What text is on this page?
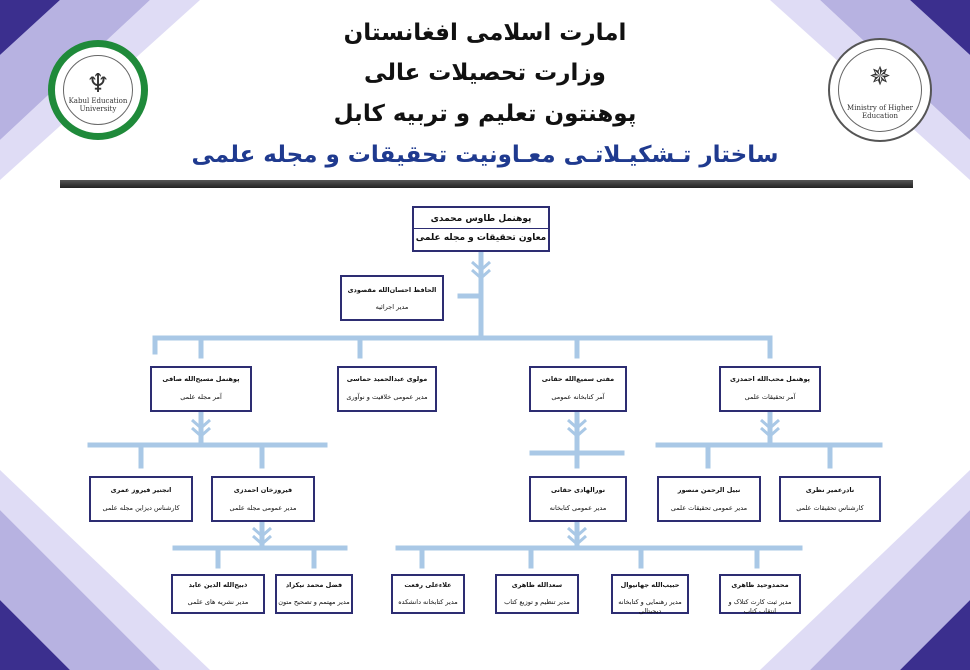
♆
Kabul Education University
✵
Ministry of Higher Education
امارت اسلامی افغانستان
وزارت تحصیلات عالی
پوهنتون تعلیم و تربیه کابل
ساختار تـشکیـلاتـی معـاونیت تحقیقات و مجله علمی
پوهنمل طاوس محمدی
معاون تحقیقات و مجله علمی
الحافظ احسان‌الله مقصودی
مدیر اجرائیه
پوهنمل مسیح‌الله صافی
آمر مجله علمی
مولوی عبدالحمید حماسی
مدیر عمومی خلاقیت و نوآوری
مفتی سمیع‌الله حقانی
آمر کتابخانه عمومی
پوهنمل محب‌الله احمدزی
آمر تحقیقات علمی
انجنیر فیروز عمری
کارشناس دیزاین مجله علمی
فیروزخان احمدزی
مدیر عمومی مجله علمی
نورالهادی حقانی
مدیر عمومی کتابخانه
نبیل الرحمن منصور
مدیر عمومی تحقیقات علمی
نادرعمیر نظری
کارشناس تحقیقات علمی
ذبیح‌الله الدین عابد
مدیر نشریه های علمی
فضل محمد نیکزاد
مدیر مهتمم و تصحیح متون
علاءعلی رفعت
مدیر کتابخانه دانشکده
سعدالله ظاهری
مدیر تنظیم و توزیع کتاب
حبیب‌الله جهانیوال
مدیر رهنمایی و کتابخانه دیجیتالی
محمدوحید ظاهری
مدیر ثبت کارت کتلاک و انتقاب کتاب
